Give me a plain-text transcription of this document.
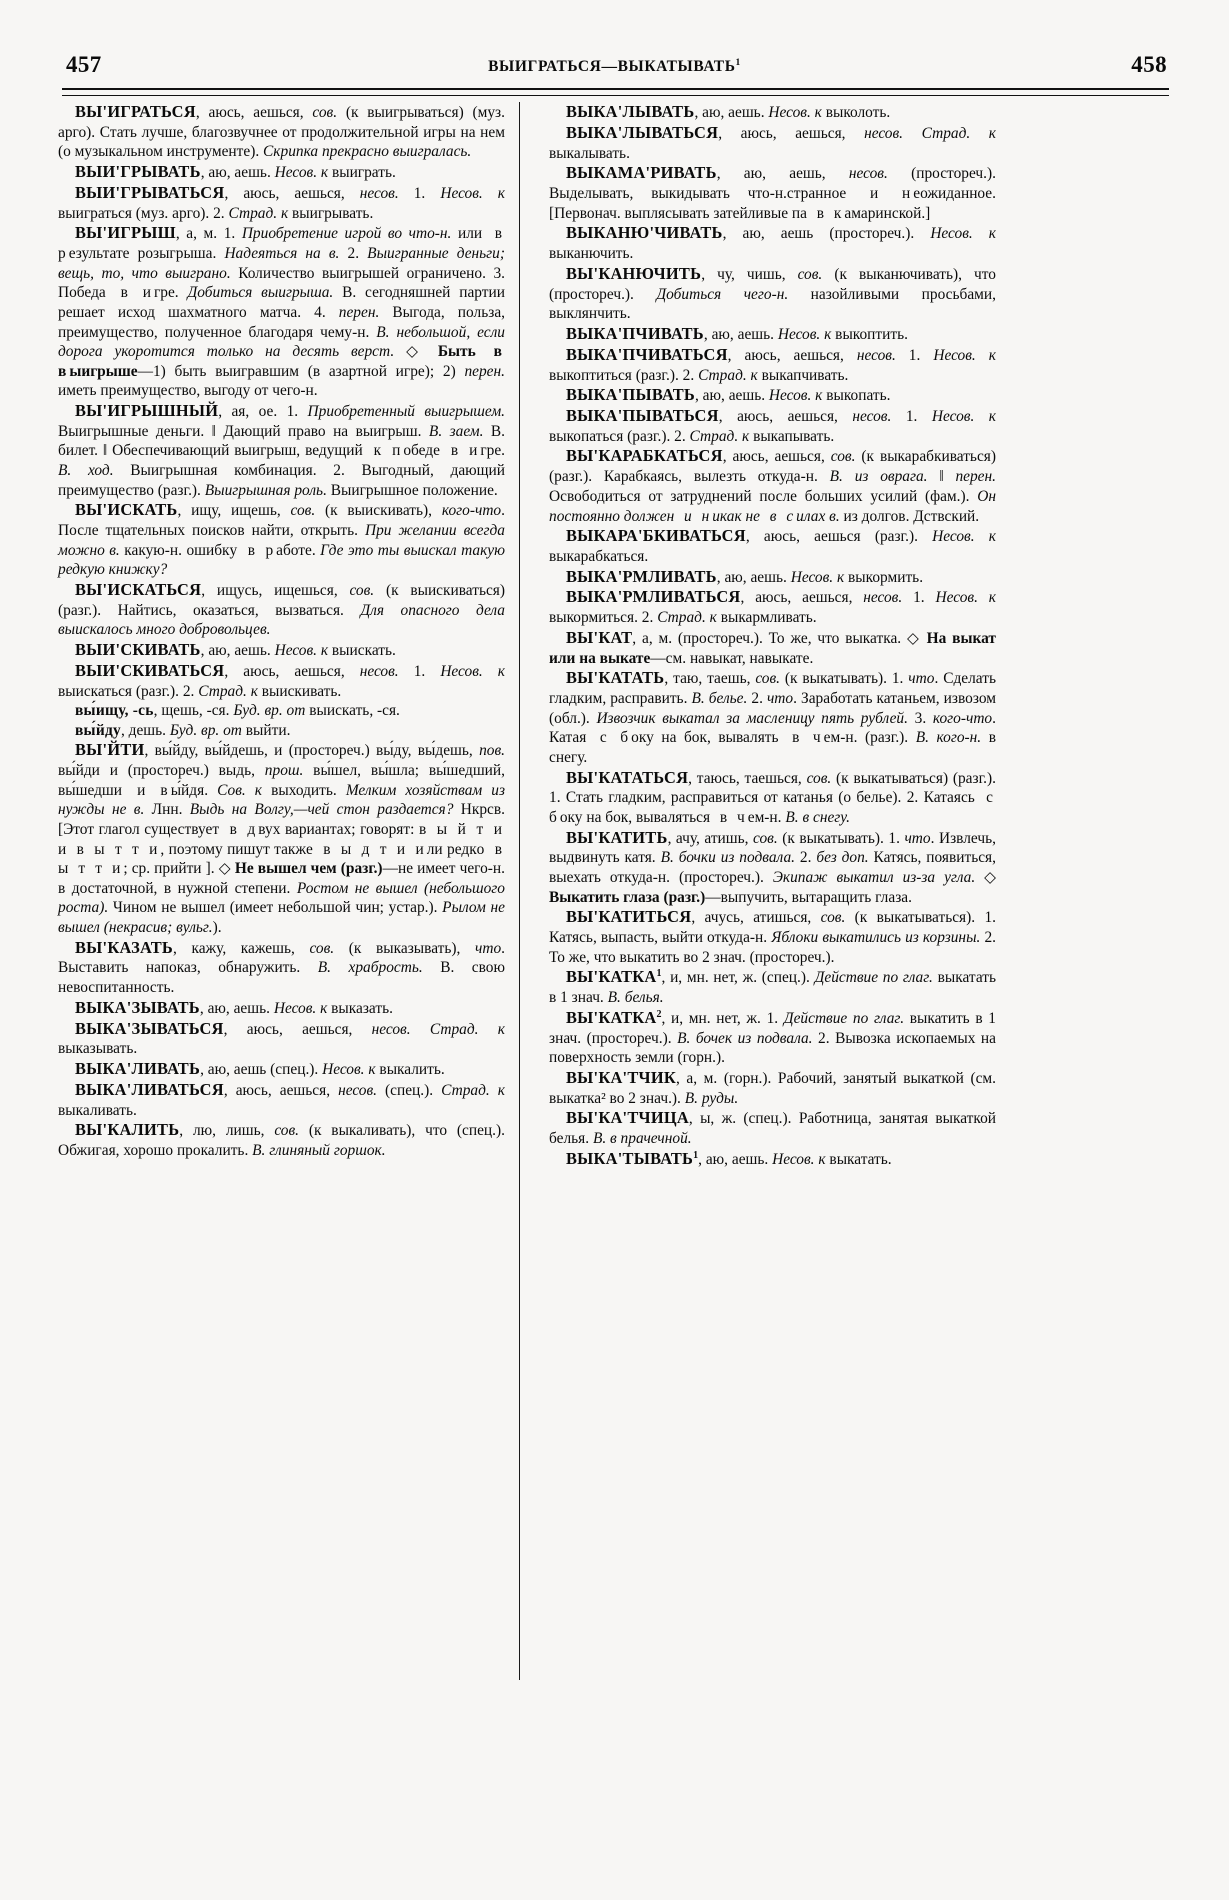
457	ВЫИГРАТЬСЯ—ВЫКАТЫВАТЬ$^1$	458

ВЫ'ИГРАТЬСЯ, аюсь, аешься, сов. (к выигрываться) (муз. арго). Стать лучше, благозвучнее от продолжительной игры на нем (о музыкальном инструменте). Скрипка прекрасно выигралась.

ВЫИ'ГРЫВАТЬ, аю, аешь. Несов. к выиграть.

ВЫИ'ГРЫВАТЬСЯ, аюсь, аешься, несов. 1. Несов. к выиграться (муз. арго). 2. Страд. к выигрывать.

ВЫ'ИГРЫШ, а, м. 1. Приобретение игрой во что-н. или в результате розыгрыша. Надеяться на в. 2. Выигранные деньги; вещь, то, что выиграно. Количество выигрышей ограничено. 3. Победа в игре. Добиться выигрыша. В. сегодняшней партии решает исход шахматного матча. 4. перен. Выгода, польза, преимущество, полученное благодаря чему-н. В. небольшой, если дорога укоротится только на десять верст. ◇ Быть в выигрыше—1) быть выигравшим (в азартной игре); 2) перен. иметь преимущество, выгоду от чего-н.

ВЫ'ИГРЫШНЫЙ, ая, ое. 1. Приобретенный выигрышем. Выигрышные деньги. ‖ Дающий право на выигрыш. В. заем. В. билет. ‖ Обеспечивающий выигрыш, ведущий к победе в игре. В. ход. Выигрышная комбинация. 2. Выгодный, дающий преимущество (разг.). Выигрышная роль. Выигрышное положение.

ВЫ'ИСКАТЬ, ищу, ищешь, сов. (к выискивать), кого-что. После тщательных поисков найти, открыть. При желании всегда можно в. какую-н. ошибку в работе. Где это ты выискал такую редкую книжку?

ВЫ'ИСКАТЬСЯ, ищусь, ищешься, сов. (к выискиваться) (разг.). Найтись, оказаться, вызваться. Для опасного дела выискалось много добровольцев.

ВЫИ'СКИВАТЬ, аю, аешь. Несов. к выискать.

ВЫИ'СКИВАТЬСЯ, аюсь, аешься, несов. 1. Несов. к выискаться (разг.). 2. Страд. к выискивать.

вы́ищу, -сь, щешь, -ся. Буд. вр. от выискать, -ся.

вы́йду, дешь. Буд. вр. от выйти.

ВЫ'ЙТИ, вы́йду, вы́йдешь, и (простореч.) вы́ду, вы́дешь, пов. вы́йди и (простореч.) выдь, прош. вы́шел, вы́шла; вы́шедший, вы́шедши и вы́йдя. Сов. к выходить. Мелким хозяйствам из нужды не в. Лнн. Выдь на Волгу,—чей стон раздается? Нкрсв. [Этот глагол существует в двух вариантах; говорят: в ы й т и и в ы т т и, поэтому пишут также в ы д т и или редко в ы т т и; ср. прийти ]. ◇ Не вышел чем (разг.)—не имеет чего-н. в достаточной, в нужной степени. Ростом не вышел (небольшого роста). Чином не вышел (имеет небольшой чин; устар.). Рылом не вышел (некрасив; вульг.).

ВЫ'КАЗАТЬ, кажу, кажешь, сов. (к выказывать), что. Выставить напоказ, обнаружить. В. храбрость. В. свою невоспитанность.

ВЫКА'ЗЫВАТЬ, аю, аешь. Несов. к выказать.

ВЫКА'ЗЫВАТЬСЯ, аюсь, аешься, несов. Страд. к выказывать.

ВЫКА'ЛИВАТЬ, аю, аешь (спец.). Несов. к выкалить.

ВЫКА'ЛИВАТЬСЯ, аюсь, аешься, несов. (спец.). Страд. к выкаливать.

ВЫ'КАЛИТЬ, лю, лишь, сов. (к выкаливать), что (спец.). Обжигая, хорошо прокалить. В. глиняный горшок.

ВЫКА'ЛЫВАТЬ, аю, аешь. Несов. к выколоть.

ВЫКА'ЛЫВАТЬСЯ, аюсь, аешься, несов. Страд. к выкалывать.

ВЫКАМА'РИВАТЬ, аю, аешь, несов. (простореч.). Выделывать, выкидывать что-н.странное и неожиданное. [Первонач. выплясывать затейливые па в камаринской.]

ВЫКАНЮ'ЧИВАТЬ, аю, аешь (простореч.). Несов. к выканючить.

ВЫ'КАНЮЧИТЬ, чу, чишь, сов. (к выканючивать), что (простореч.). Добиться чего-н. назойливыми просьбами, выклянчить.

ВЫКА'ПЧИВАТЬ, аю, аешь. Несов. к выкоптить.

ВЫКА'ПЧИВАТЬСЯ, аюсь, аешься, несов. 1. Несов. к выкоптиться (разг.). 2. Страд. к выкапчивать.

ВЫКА'ПЫВАТЬ, аю, аешь. Несов. к выкопать.

ВЫКА'ПЫВАТЬСЯ, аюсь, аешься, несов. 1. Несов. к выкопаться (разг.). 2. Страд. к выкапывать.

ВЫ'КАРАБКАТЬСЯ, аюсь, аешься, сов. (к выкарабкиваться) (разг.). Карабкаясь, вылезть откуда-н. В. из оврага. ‖ перен. Освободиться от затруднений после больших усилий (фам.). Он постоянно должен и никак не в силах в. из долгов. Дствский.

ВЫКАРА'БКИВАТЬСЯ, аюсь, аешься (разг.). Несов. к выкарабкаться.

ВЫКА'РМЛИВАТЬ, аю, аешь. Несов. к выкормить.

ВЫКА'РМЛИВАТЬСЯ, аюсь, аешься, несов. 1. Несов. к выкормиться. 2. Страд. к выкармливать.

ВЫ'КАТ, а, м. (простореч.). То же, что выкатка. ◇ На выкат или на выкате—см. навыкат, навыкате.

ВЫ'КАТАТЬ, таю, таешь, сов. (к выкатывать). 1. что. Сделать гладким, расправить. В. белье. 2. что. Заработать катаньем, извозом (обл.). Извозчик выкатал за масленицу пять рублей. 3. кого-что. Катая с боку на бок, вывалять в чем-н. (разг.). В. кого-н. в снегу.

ВЫ'КАТАТЬСЯ, таюсь, таешься, сов. (к выкатываться) (разг.). 1. Стать гладким, расправиться от катанья (о белье). 2. Катаясь с боку на бок, вываляться в чем-н. В. в снегу.

ВЫ'КАТИТЬ, ачу, атишь, сов. (к выкатывать). 1. что. Извлечь, выдвинуть катя. В. бочки из подвала. 2. без доп. Катясь, появиться, выехать откуда-н. (простореч.). Экипаж выкатил из-за угла. ◇ Выкатить глаза (разг.)—выпучить, вытаращить глаза.

ВЫ'КАТИТЬСЯ, ачусь, атишься, сов. (к выкатываться). 1. Катясь, выпасть, выйти откуда-н. Яблоки выкатились из корзины. 2. То же, что выкатить во 2 знач. (простореч.).

ВЫ'КАТКА$^1$, и, мн. нет, ж. (спец.). Действие по глаг. выкатать в 1 знач. В. белья.

ВЫ'КАТКА$^2$, и, мн. нет, ж. 1. Действие по глаг. выкатить в 1 знач. (простореч.). В. бочек из подвала. 2. Вывозка ископаемых на поверхность земли (горн.).

ВЫ'КА'ТЧИК, а, м. (горн.). Рабочий, занятый выкаткой (см. выкатка² во 2 знач.). В. руды.

ВЫ'КА'ТЧИЦА, ы, ж. (спец.). Работница, занятая выкаткой белья. В. в прачечной.

ВЫКА'ТЫВАТЬ$^1$, аю, аешь. Несов. к выкатать.
